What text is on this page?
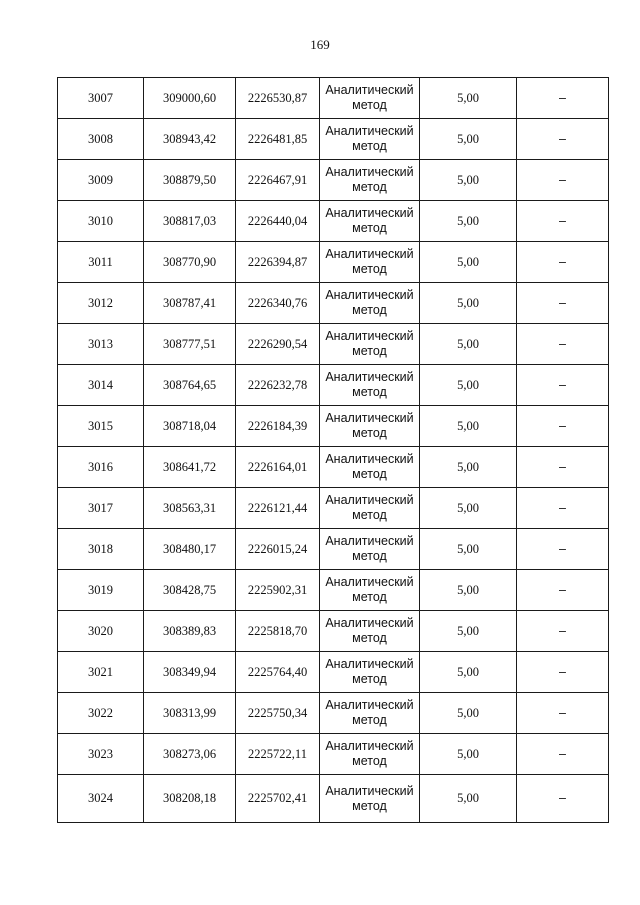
169
3007	309000,60	2226530,87	Аналитический метод	5,00	–
3008	308943,42	2226481,85	Аналитический метод	5,00	–
3009	308879,50	2226467,91	Аналитический метод	5,00	–
3010	308817,03	2226440,04	Аналитический метод	5,00	–
3011	308770,90	2226394,87	Аналитический метод	5,00	–
3012	308787,41	2226340,76	Аналитический метод	5,00	–
3013	308777,51	2226290,54	Аналитический метод	5,00	–
3014	308764,65	2226232,78	Аналитический метод	5,00	–
3015	308718,04	2226184,39	Аналитический метод	5,00	–
3016	308641,72	2226164,01	Аналитический метод	5,00	–
3017	308563,31	2226121,44	Аналитический метод	5,00	–
3018	308480,17	2226015,24	Аналитический метод	5,00	–
3019	308428,75	2225902,31	Аналитический метод	5,00	–
3020	308389,83	2225818,70	Аналитический метод	5,00	–
3021	308349,94	2225764,40	Аналитический метод	5,00	–
3022	308313,99	2225750,34	Аналитический метод	5,00	–
3023	308273,06	2225722,11	Аналитический метод	5,00	–
3024	308208,18	2225702,41	Аналитический метод	5,00	–
